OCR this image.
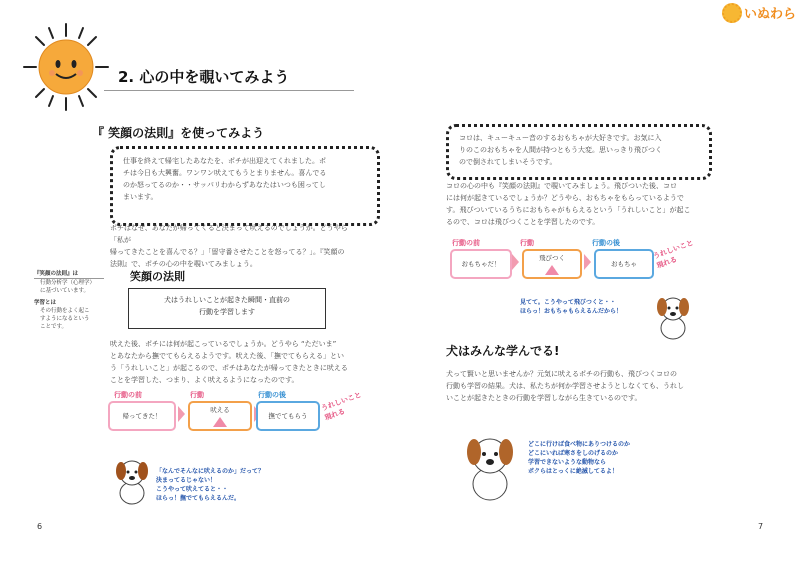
いぬわら
2. 心の中を覗いてみよう
『 笑顔の法則』を使ってみよう
仕事を終えて帰宅したあなたを、ポチが出迎えてくれました。ポ
チは今日も大興奮。ワンワン吠えてもうとまりません。喜んでる
のか怒ってるのか・・サッパリわからずあなたはいつも困ってし
まいます。
ポチはなぜ、あなたが帰ってくると決まって吠えるのでしょうか。どうやら「私が
帰ってきたことを喜んでる？」「留守番させたことを怒ってる？」。『笑顔の
法則』で、ポチの心の中を覗いてみましょう。
『笑顔の法則』は
行動分析学（心理学）
に基づいています。
学習とは
その行動をよく起こ
すようになるという
ことです。
笑顔の法則
犬はうれしいことが起きた瞬間・直前の
行動を学習します
吠えた後、ポチには何が起こっているでしょうか。どうやら “ただいま”
とあなたから撫でてもらえるようです。吠えた後、「撫でてもらえる」とい
う「うれしいこと」が起こるので、ポチはあなたが帰ってきたときに吠える
ことを学習した、つまり、よく吠えるようになったのです。
行動の前	行動	行動の後
帰ってきた！
吠える
撫でてもらう
うれしいこと 現れる
「なんでそんなに吠えるのか」だって？
決まってるじゃない！
こうやって吠えてると・・
ほらっ！撫でてもらえるんだ。
6
コロは、キューキュー音のするおもちゃが大好きです。お気に入
りのこのおもちゃを人間が持つともう大変。思いっきり飛びつく
ので倒されてしまいそうです。
コロの心の中も『笑顔の法則』で覗いてみましょう。飛びついた後、コロ
には何が起きているでしょうか？どうやら、おもちゃをもらっているようで
す。飛びついているうちにおもちゃがもらえるという「うれしいこと」が起こ
るので、コロは飛びつくことを学習したのです。
行動の前	行動	行動の後
おもちゃだ！
飛びつく
おもちゃ
うれしいこと 現れる
見てて。こうやって飛びつくと・・
ほらっ！おもちゃもらえるんだから！
犬はみんな学んでる!
犬って賢いと思いませんか？元気に吠えるポチの行動も、飛びつくコロの
行動も学習の結果。犬は、私たちが何か学習させようとしなくても、うれし
いことが起きたときの行動を学習しながら生きているのです。
どこに行けば食べ物にありつけるのか
どこにいれば寒さをしのげるのか
学習できないような動物なら
ボクらはとっくに絶滅してるよ！
7
